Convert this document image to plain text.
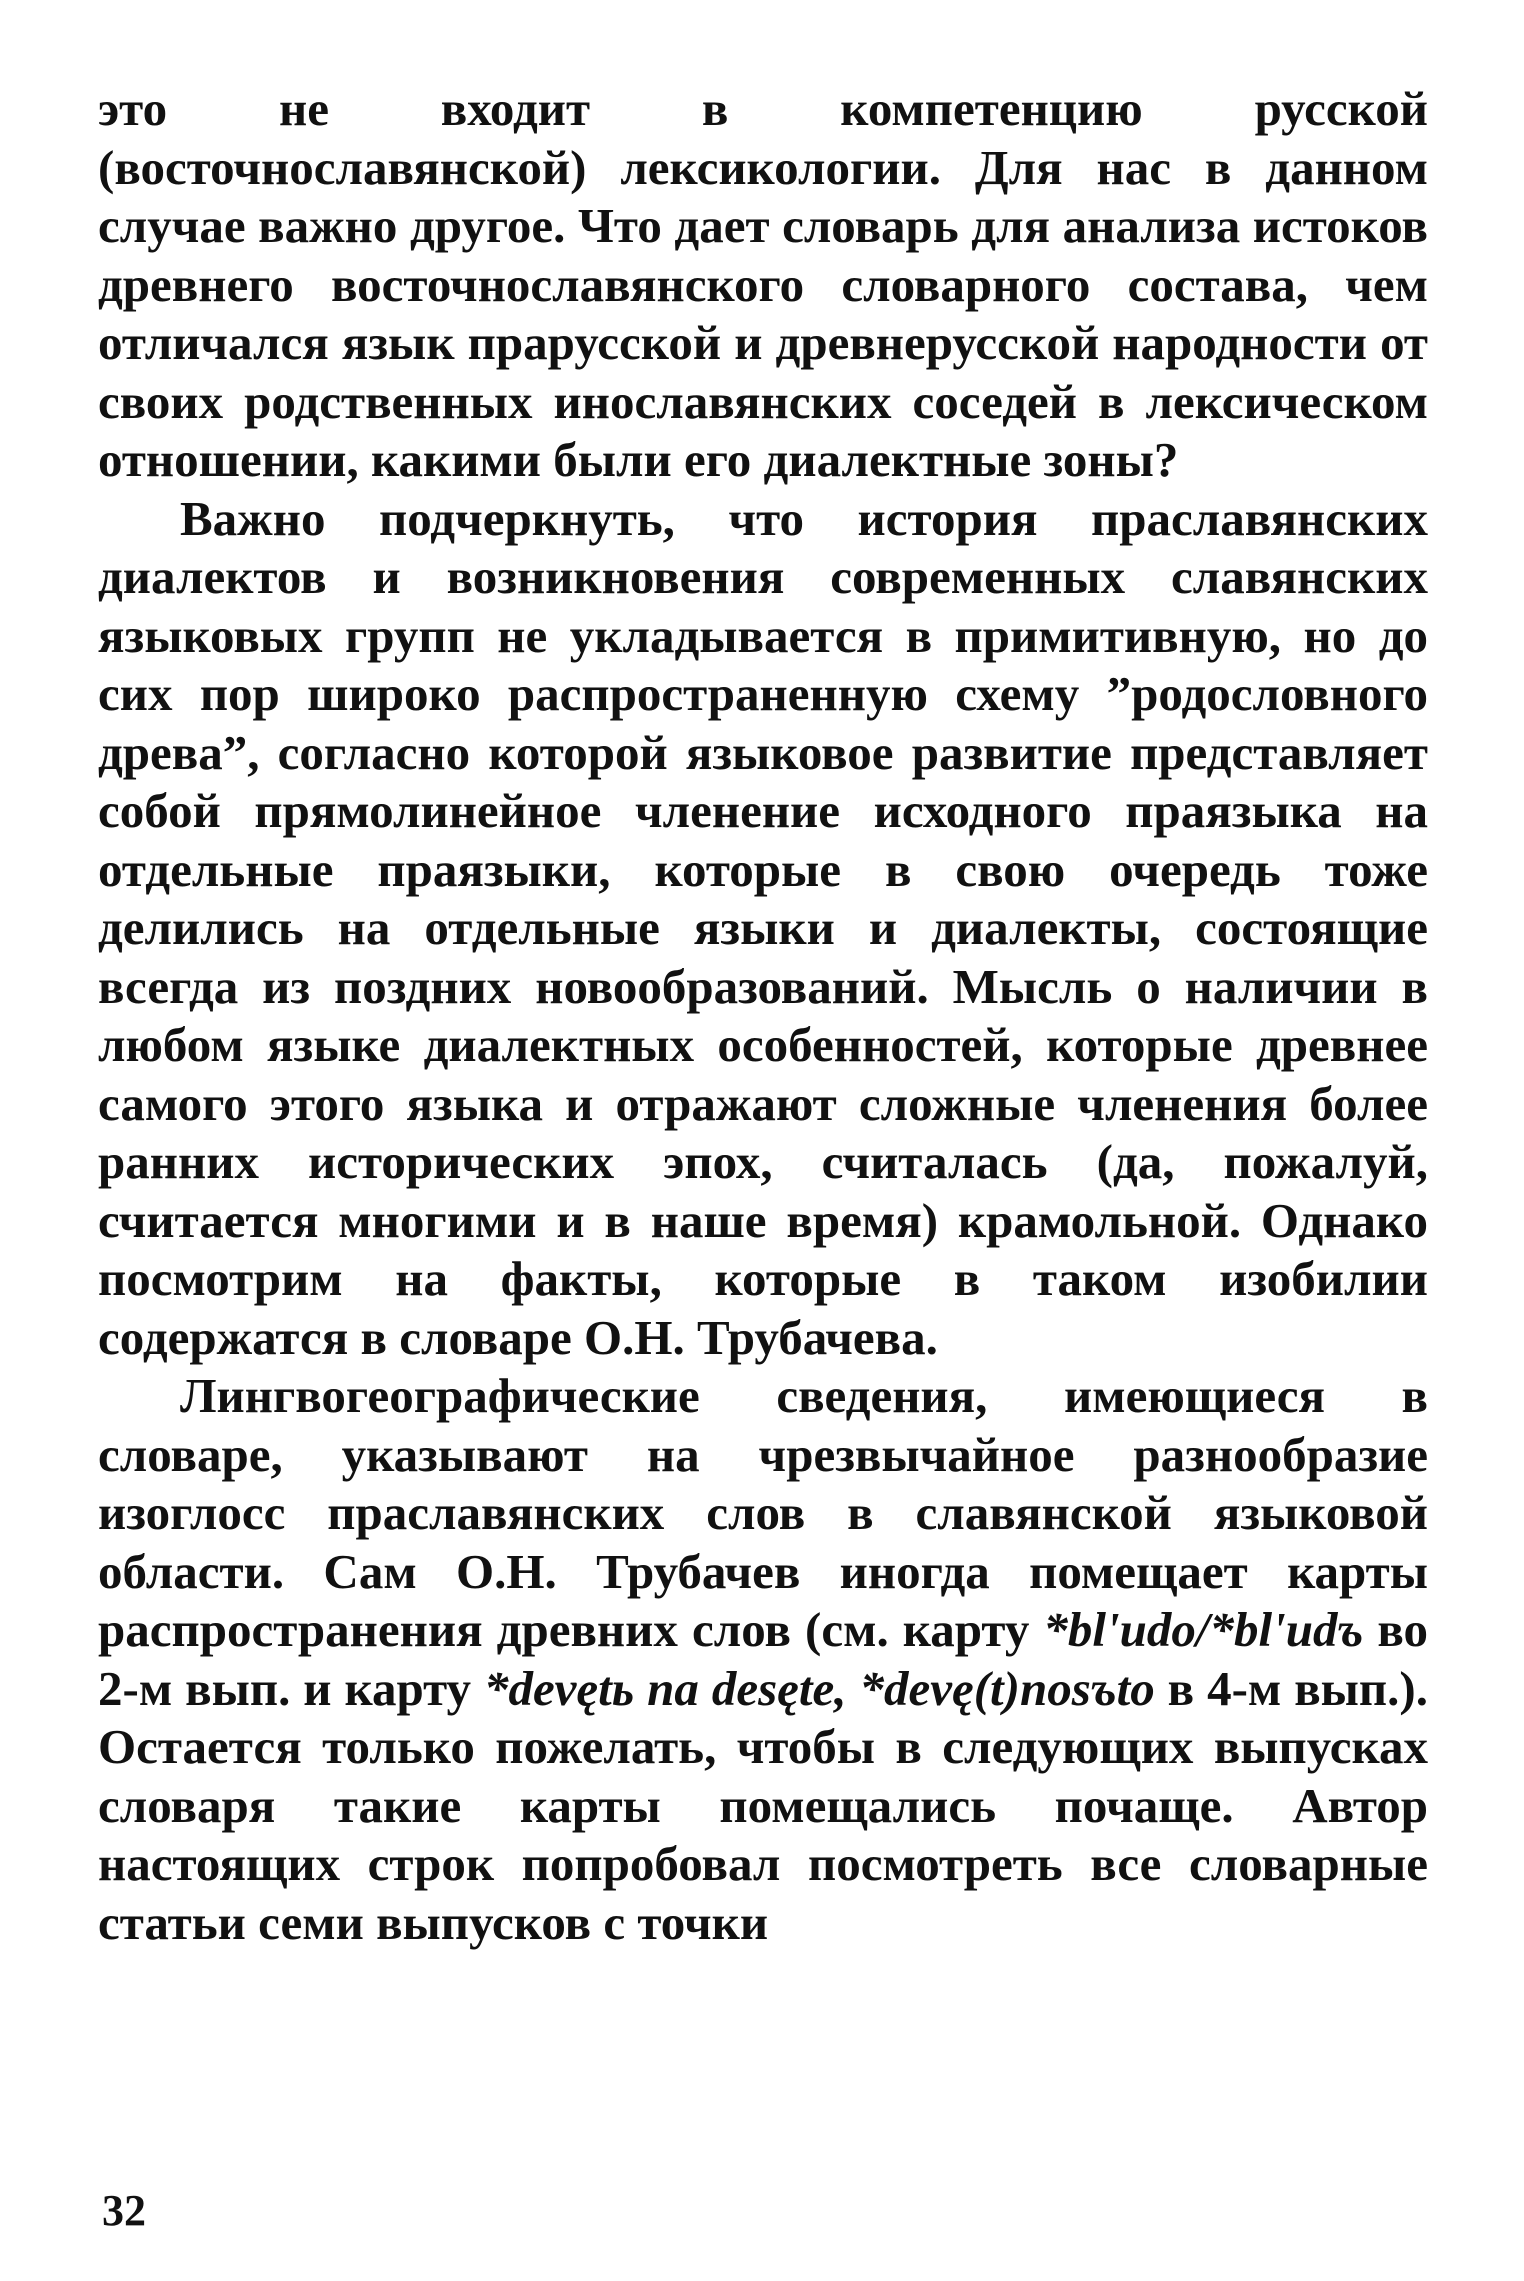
это не входит в компетенцию русской (восточнославянской) лексикологии. Для нас в данном случае важно другое. Что дает словарь для анализа истоков древнего восточнославянского словарного состава, чем отличался язык прарусской и древнерусской народности от своих родственных инославянских соседей в лексическом отношении, какими были его диалектные зоны?

Важно подчеркнуть, что история праславянских диалектов и возникновения современных славянских языковых групп не укладывается в примитивную, но до сих пор широко распространенную схему ”родословного древа”, согласно которой языковое развитие представляет собой прямолинейное членение исходного праязыка на отдельные праязыки, которые в свою очередь тоже делились на отдельные языки и диалекты, состоящие всегда из поздних новообразований. Мысль о наличии в любом языке диалектных особенностей, которые древнее самого этого языка и отражают сложные членения более ранних исторических эпох, считалась (да, пожалуй, считается многими и в наше время) крамольной. Однако посмотрим на факты, которые в таком изобилии содержатся в словаре О.Н. Трубачева.

Лингвогеографические сведения, имеющиеся в словаре, указывают на чрезвычайное разнообразие изоглосс праславянских слов в славянской языковой области. Сам О.Н. Трубачев иногда помещает карты распространения древних слов (см. карту *bl'udo/*bl'udъ во 2-м вып. и карту *devętь na desęte, *devę(t)nosъto в 4-м вып.). Остается только пожелать, чтобы в следующих выпусках словаря такие карты помещались почаще. Автор настоящих строк попробовал посмотреть все словарные статьи семи выпусков с точки

32
